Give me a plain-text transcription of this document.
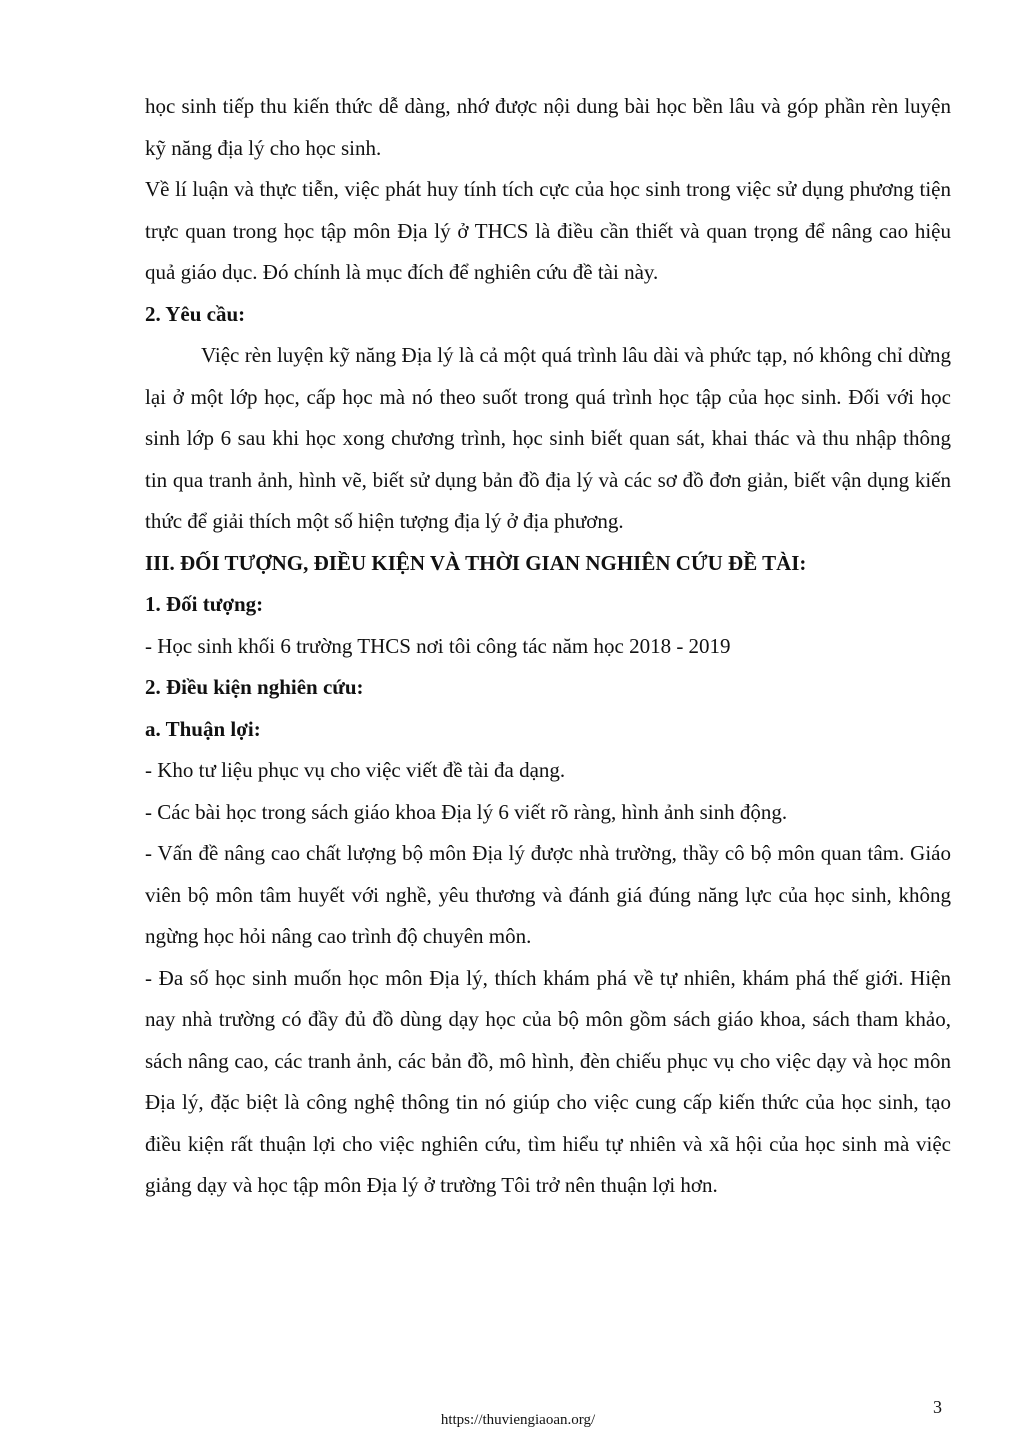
học sinh tiếp thu kiến thức dễ dàng, nhớ được nội dung bài học bền lâu và góp phần rèn luyện kỹ năng địa lý cho học sinh.

Về lí luận và thực tiễn, việc phát huy tính tích cực của học sinh trong việc sử dụng phương tiện trực quan trong học tập môn Địa lý ở THCS là điều cần thiết và quan trọng để nâng cao hiệu quả giáo dục. Đó chính là mục đích để nghiên cứu đề tài này.

2. Yêu cầu:

Việc rèn luyện kỹ năng Địa lý là cả một quá trình lâu dài và phức tạp, nó không chỉ dừng lại ở một lớp học, cấp học mà nó theo suốt trong quá trình học tập của học sinh. Đối với học sinh lớp 6 sau khi học xong chương trình, học sinh biết quan sát, khai thác và thu nhập thông tin qua tranh ảnh, hình vẽ, biết sử dụng bản đồ địa lý và các sơ đồ đơn giản, biết vận dụng kiến thức để giải thích một số hiện tượng địa lý ở địa phương.

III. ĐỐI TƯỢNG, ĐIỀU KIỆN VÀ THỜI GIAN NGHIÊN CỨU ĐỀ TÀI:

1. Đối tượng:

- Học sinh khối 6 trường THCS nơi tôi công tác năm học 2018 - 2019

2. Điều kiện nghiên cứu:

a. Thuận lợi:

- Kho tư liệu phục vụ cho việc viết đề tài đa dạng.

- Các bài học trong sách giáo khoa Địa lý 6 viết rõ ràng, hình ảnh sinh động.

- Vấn đề nâng cao chất lượng bộ môn Địa lý được nhà trường, thầy cô bộ môn quan tâm. Giáo viên bộ môn tâm huyết với nghề, yêu thương và đánh giá đúng năng lực của học sinh, không ngừng học hỏi nâng cao trình độ chuyên môn.

- Đa số học sinh muốn học môn Địa lý, thích khám phá về tự nhiên, khám phá thế giới. Hiện nay nhà trường có đầy đủ đồ dùng dạy học của bộ môn gồm sách giáo khoa, sách tham khảo, sách nâng cao, các tranh ảnh, các bản đồ, mô hình, đèn chiếu phục vụ cho việc dạy và học môn Địa lý, đặc biệt là công nghệ thông tin nó giúp cho việc cung cấp kiến thức của học sinh, tạo điều kiện rất thuận lợi cho việc nghiên cứu, tìm hiểu tự nhiên và xã hội của học sinh mà việc giảng dạy và học tập môn Địa lý ở trường Tôi trở nên thuận lợi hơn.

3
https://thuviengiaoan.org/
